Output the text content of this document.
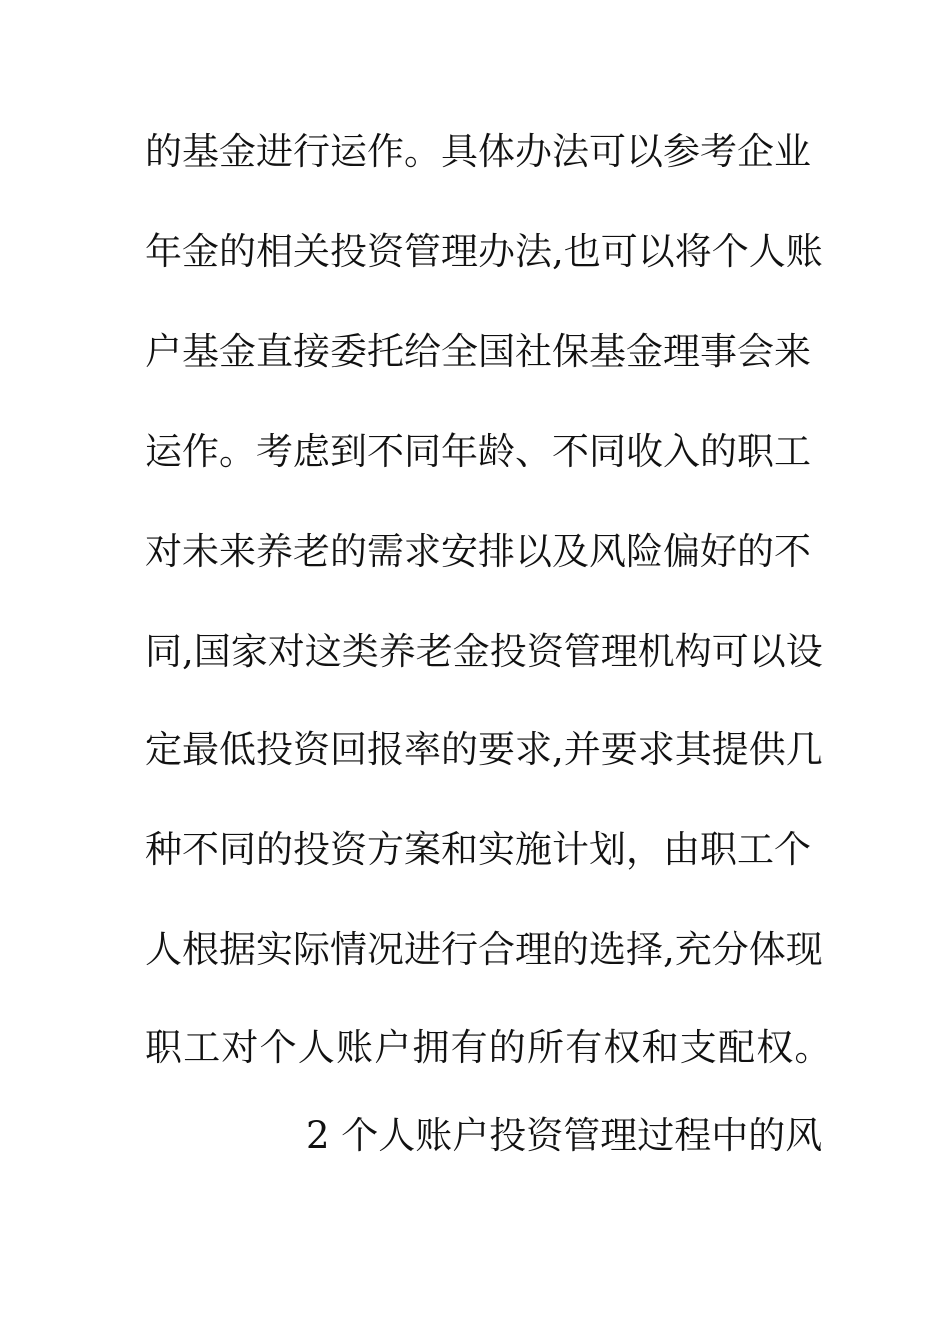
的基金进行运作。具体办法可以参考企业
年金的相关投资管理办法,也可以将个人账
户基金直接委托给全国社保基金理事会来
运作。考虑到不同年龄、不同收入的职工
对未来养老的需求安排以及风险偏好的不
同,国家对这类养老金投资管理机构可以设
定最低投资回报率的要求,并要求其提供几
种不同的投资方案和实施计划，由职工个
人根据实际情况进行合理的选择,充分体现
职工对个人账户拥有的所有权和支配权。
2 个人账户投资管理过程中的风
